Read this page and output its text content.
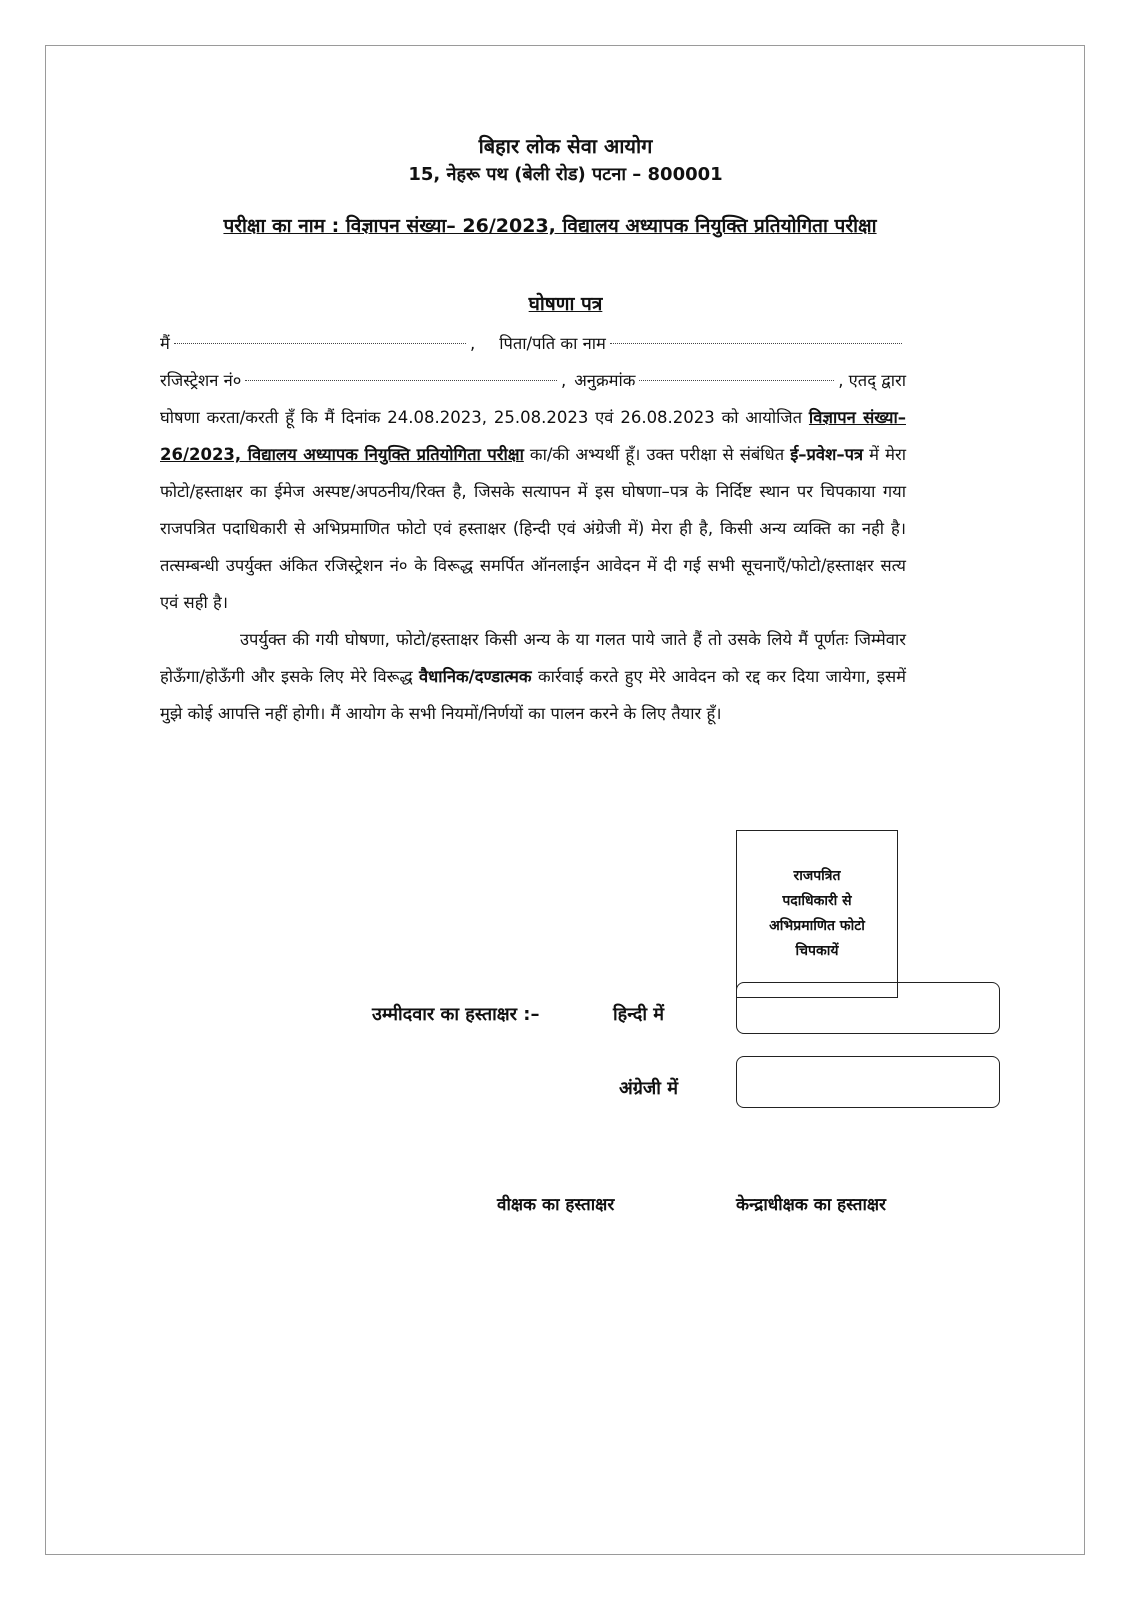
बिहार लोक सेवा आयोग
15, नेहरू पथ (बेली रोड) पटना – 800001
परीक्षा का नाम : विज्ञापन संख्या– 26/2023, विद्यालय अध्यापक नियुक्ति प्रतियोगिता परीक्षा
घोषणा पत्र
मैं	, पिता/पति का नाम
रजिस्ट्रेशन नं०	, अनुक्रमांक	, एतद् द्वारा

घोषणा करता/करती हूँ कि मैं दिनांक 24.08.2023, 25.08.2023 एवं 26.08.2023 को आयोजित विज्ञापन संख्या– 26/2023, विद्यालय अध्यापक नियुक्ति प्रतियोगिता परीक्षा का/की अभ्यर्थी हूँ। उक्त परीक्षा से संबंधित ई–प्रवेश–पत्र में मेरा फोटो/हस्ताक्षर का ईमेज अस्पष्ट/अपठनीय/रिक्त है, जिसके सत्यापन में इस घोषणा–पत्र के निर्दिष्ट स्थान पर चिपकाया गया राजपत्रित पदाधिकारी से अभिप्रमाणित फोटो एवं हस्ताक्षर (हिन्दी एवं अंग्रेजी में) मेरा ही है, किसी अन्य व्यक्ति का नही है। तत्सम्बन्धी उपर्युक्त अंकित रजिस्ट्रेशन नं० के विरूद्ध समर्पित ऑनलाईन आवेदन में दी गई सभी सूचनाएँ/फोटो/हस्ताक्षर सत्य एवं सही है।

उपर्युक्त की गयी घोषणा, फोटो/हस्ताक्षर किसी अन्य के या गलत पाये जाते हैं तो उसके लिये मैं पूर्णतः जिम्मेवार होऊँगा/होऊँगी और इसके लिए मेरे विरूद्ध वैधानिक/दण्डात्मक कार्रवाई करते हुए मेरे आवेदन को रद्द कर दिया जायेगा, इसमें मुझे कोई आपत्ति नहीं होगी। मैं आयोग के सभी नियमों/निर्णयों का पालन करने के लिए तैयार हूँ।

राजपत्रित
पदाधिकारी से
अभिप्रमाणित फोटो
चिपकायें
उम्मीदवार का हस्ताक्षर :–	हिन्दी में
अंग्रेजी में
वीक्षक का हस्ताक्षर	केन्द्राधीक्षक का हस्ताक्षर
